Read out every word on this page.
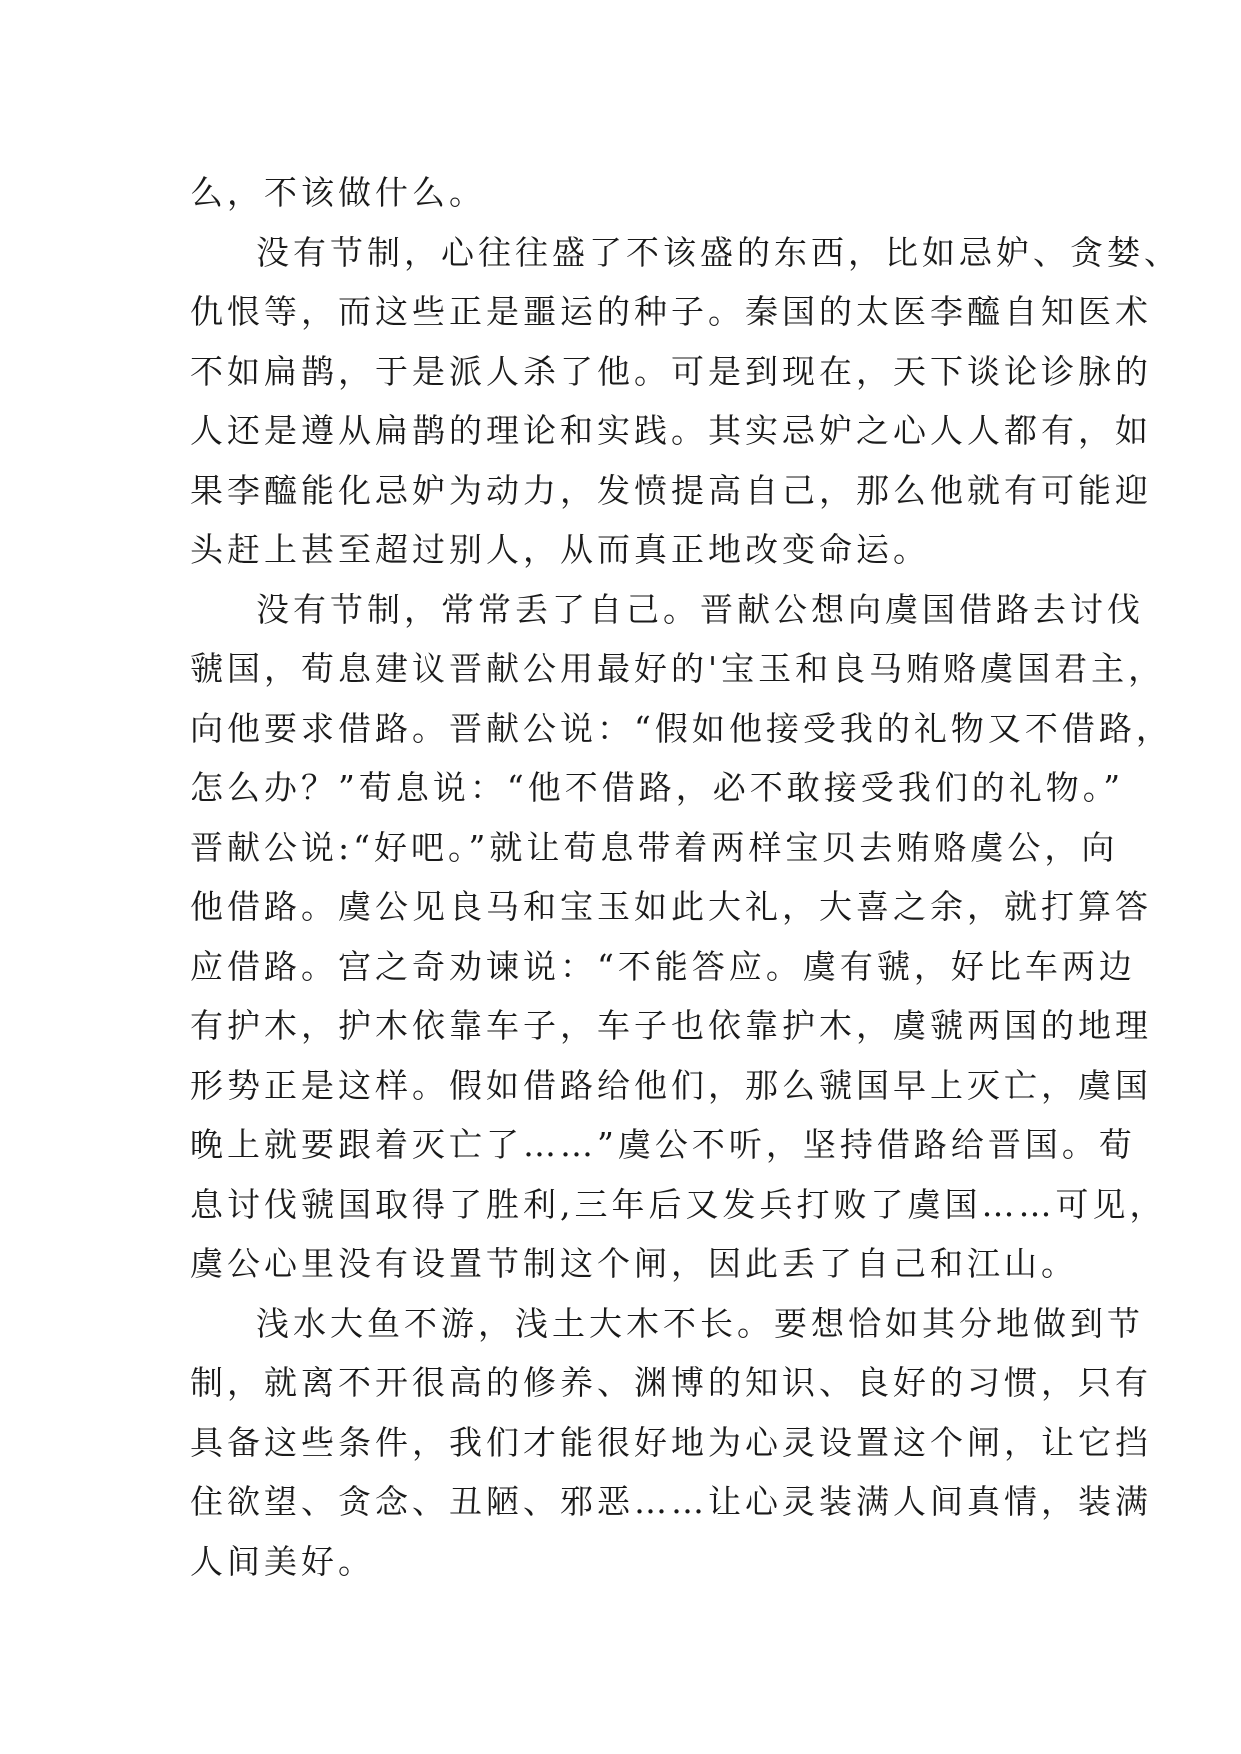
么，不该做什么。

没有节制，心往往盛了不该盛的东西，比如忌妒、贪婪、

仇恨等，而这些正是噩运的种子。秦国的太医李醯自知医术

不如扁鹊，于是派人杀了他。可是到现在，天下谈论诊脉的

人还是遵从扁鹊的理论和实践。其实忌妒之心人人都有，如

果李醯能化忌妒为动力，发愤提高自己，那么他就有可能迎

头赶上甚至超过别人，从而真正地改变命运。

没有节制，常常丢了自己。晋献公想向虞国借路去讨伐

虢国，荀息建议晋献公用最好的'宝玉和良马贿赂虞国君主，

向他要求借路。晋献公说：“假如他接受我的礼物又不借路，

怎么办？”荀息说：“他不借路，必不敢接受我们的礼物。”

晋献公说:“好吧。”就让荀息带着两样宝贝去贿赂虞公，向

他借路。虞公见良马和宝玉如此大礼，大喜之余，就打算答

应借路。宫之奇劝谏说：“不能答应。虞有虢，好比车两边

有护木，护木依靠车子，车子也依靠护木，虞虢两国的地理

形势正是这样。假如借路给他们，那么虢国早上灭亡，虞国

晚上就要跟着灭亡了……”虞公不听，坚持借路给晋国。荀

息讨伐虢国取得了胜利,三年后又发兵打败了虞国……可见，

虞公心里没有设置节制这个闸，因此丢了自己和江山。

浅水大鱼不游，浅土大木不长。要想恰如其分地做到节

制，就离不开很高的修养、渊博的知识、良好的习惯，只有

具备这些条件，我们才能很好地为心灵设置这个闸，让它挡

住欲望、贪念、丑陋、邪恶……让心灵装满人间真情，装满

人间美好。
